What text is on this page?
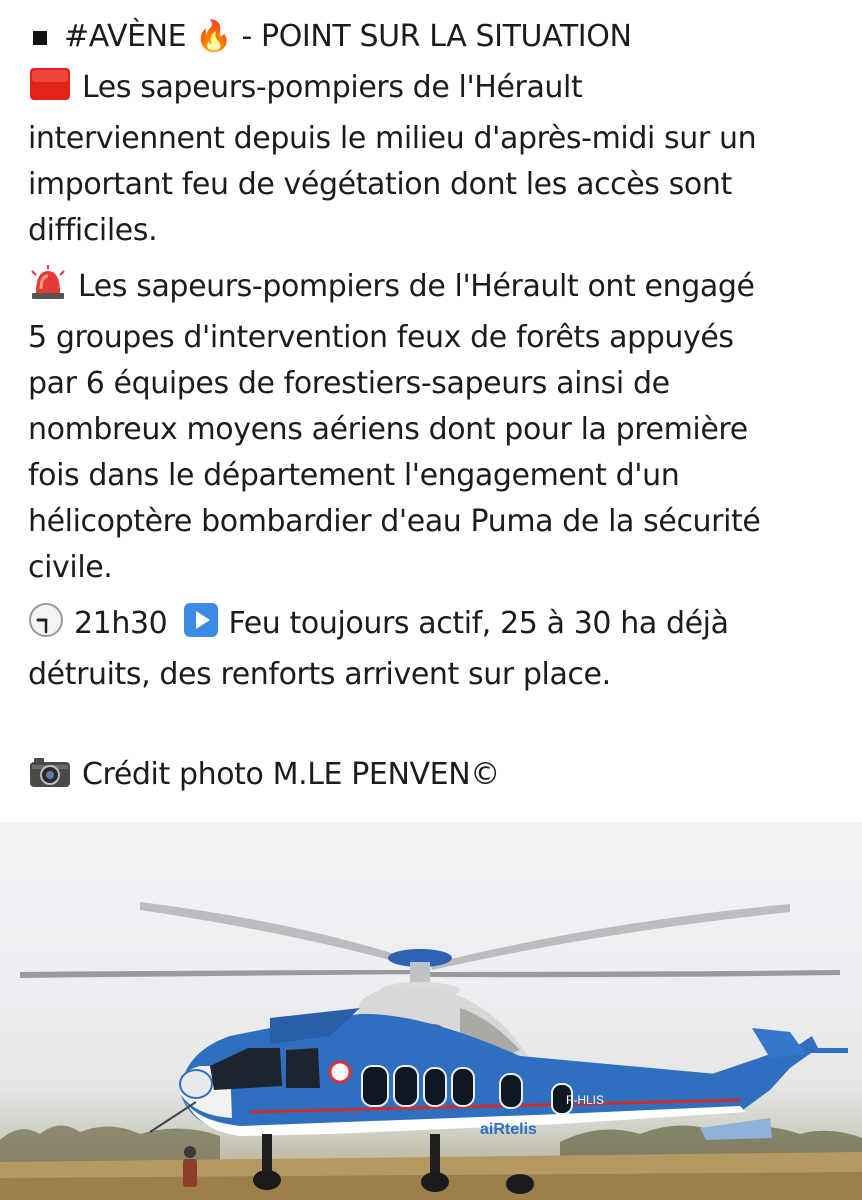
#AVÈNE 🔥 - POINT SUR LA SITUATION
Les sapeurs-pompiers de l'Hérault

interviennent depuis le milieu d'après-midi sur un

important feu de végétation dont les accès sont

difficiles.

Les sapeurs-pompiers de l'Hérault ont engagé

5 groupes d'intervention feux de forêts appuyés

par 6 équipes de forestiers-sapeurs ainsi de

nombreux moyens aériens dont pour la première

fois dans le département l'engagement d'un

hélicoptère bombardier d'eau Puma de la sécurité

civile.

21h30 Feu toujours actif, 25 à 30 ha déjà

détruits, des renforts arrivent sur place.

Crédit photo M.LE PENVEN©
aiRtelis
F-HLIS
